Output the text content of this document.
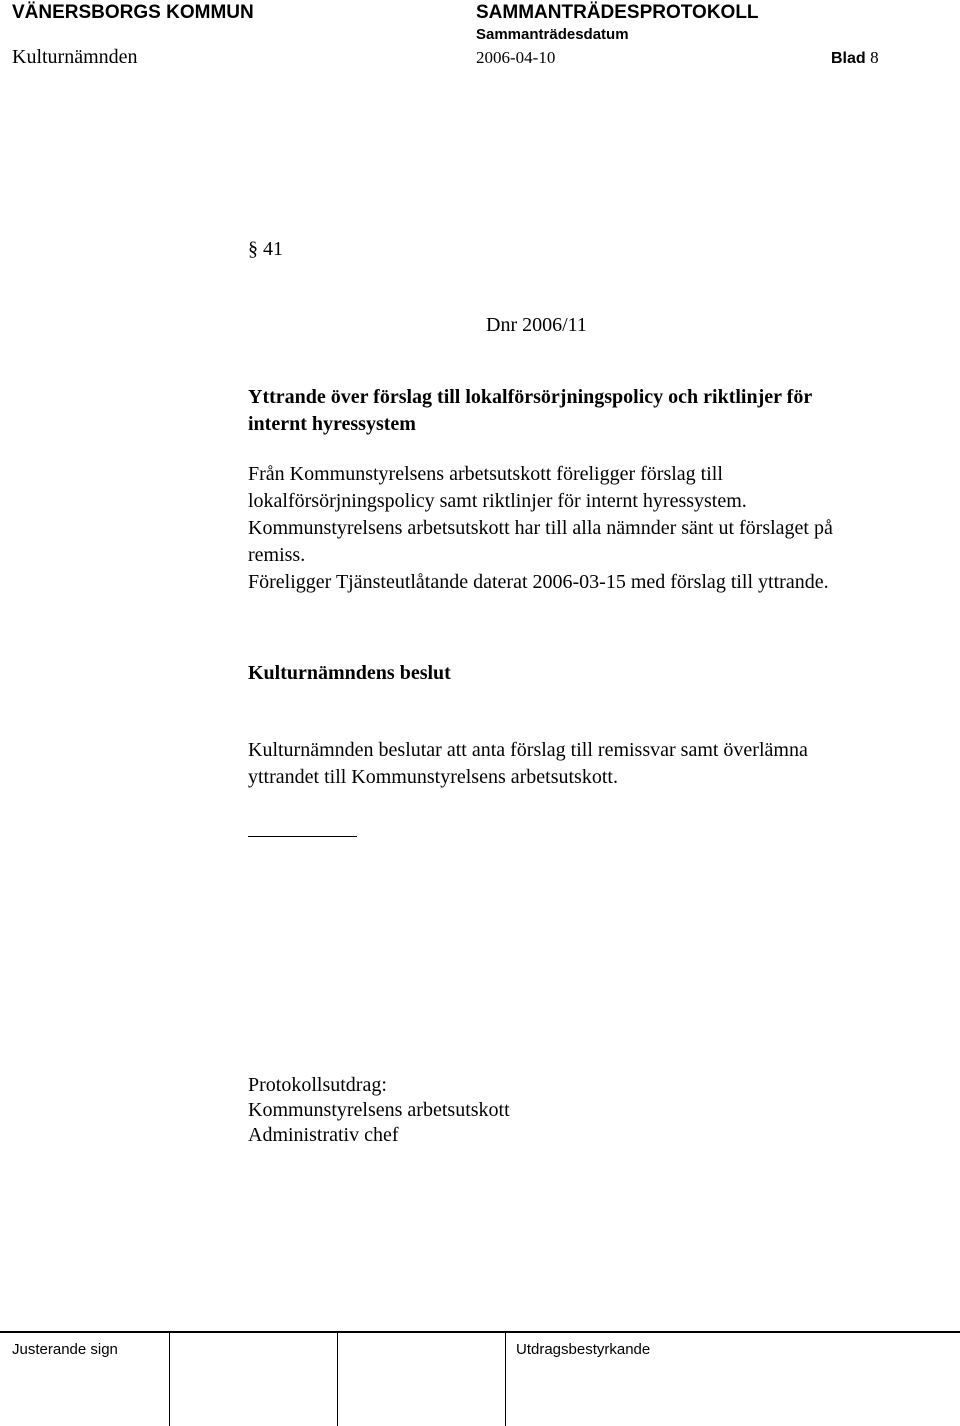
VÄNERSBORGS KOMMUN	SAMMANTRÄDESPROTOKOLL
Sammanträdesdatum
Kulturnämnden	2006-04-10	Blad 8
§ 41
Dnr 2006/11
Yttrande över förslag till lokalförsörjningspolicy och riktlinjer för
internt hyressystem
Från Kommunstyrelsens arbetsutskott föreligger förslag till
lokalförsörjningspolicy samt riktlinjer för internt hyressystem.
Kommunstyrelsens arbetsutskott har till alla nämnder sänt ut förslaget på
remiss.
Föreligger Tjänsteutlåtande daterat 2006-03-15 med förslag till yttrande.
Kulturnämndens beslut
Kulturnämnden beslutar att anta förslag till remissvar samt överlämna
yttrandet till Kommunstyrelsens arbetsutskott.
Protokollsutdrag:
Kommunstyrelsens arbetsutskott
Administrativ chef
Justerande sign	Utdragsbestyrkande
